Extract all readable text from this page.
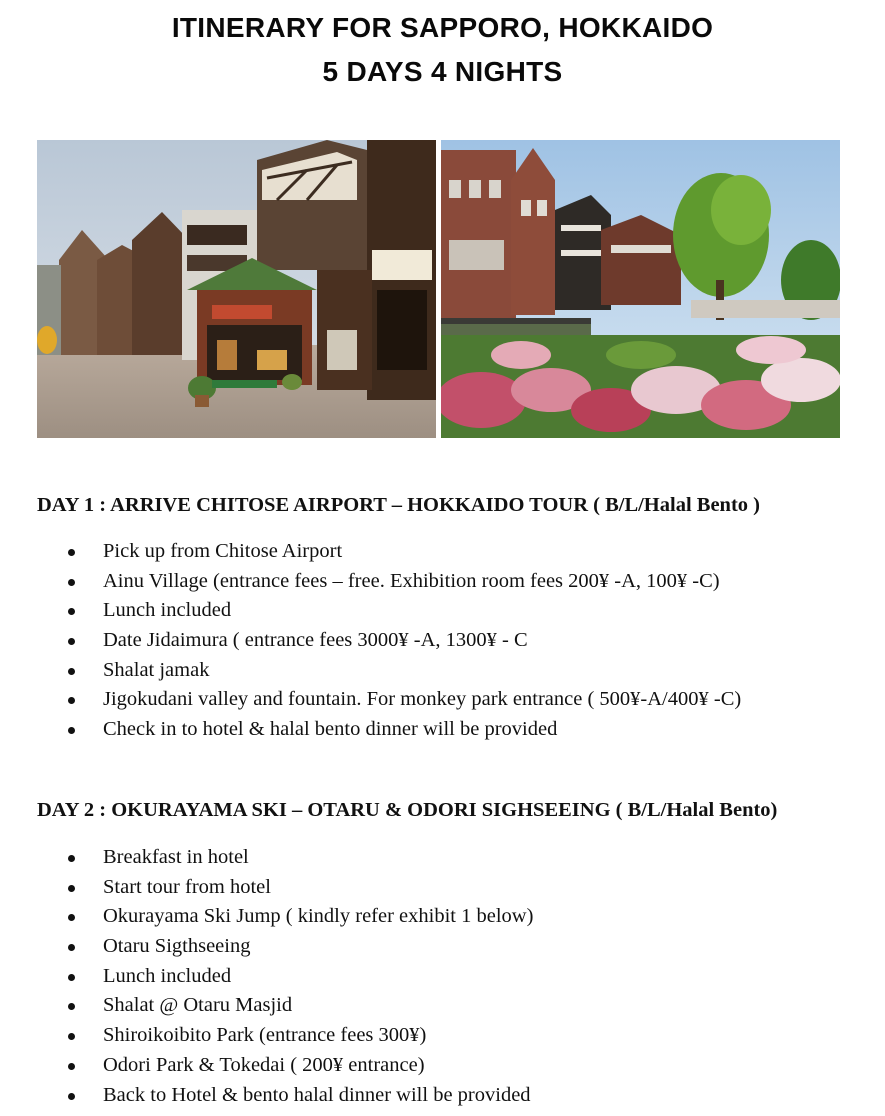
ITINERARY FOR SAPPORO, HOKKAIDO
5 DAYS 4 NIGHTS
DAY 1 : ARRIVE CHITOSE AIRPORT – HOKKAIDO TOUR ( B/L/Halal Bento )
Pick up from Chitose Airport
Ainu Village (entrance fees – free. Exhibition room fees 200¥ -A, 100¥ -C)
Lunch included
Date Jidaimura ( entrance fees 3000¥ -A, 1300¥ - C
Shalat jamak
Jigokudani valley and fountain. For monkey park entrance ( 500¥-A/400¥ -C)
Check in to hotel & halal bento dinner will be provided
DAY 2 : OKURAYAMA SKI – OTARU & ODORI SIGHSEEING ( B/L/Halal Bento)
Breakfast in hotel
Start tour from hotel
Okurayama Ski Jump ( kindly refer exhibit 1 below)
Otaru Sigthseeing
Lunch included
Shalat @ Otaru Masjid
Shiroikoibito Park (entrance fees 300¥)
Odori Park & Tokedai ( 200¥ entrance)
Back to Hotel & bento halal dinner will be provided
